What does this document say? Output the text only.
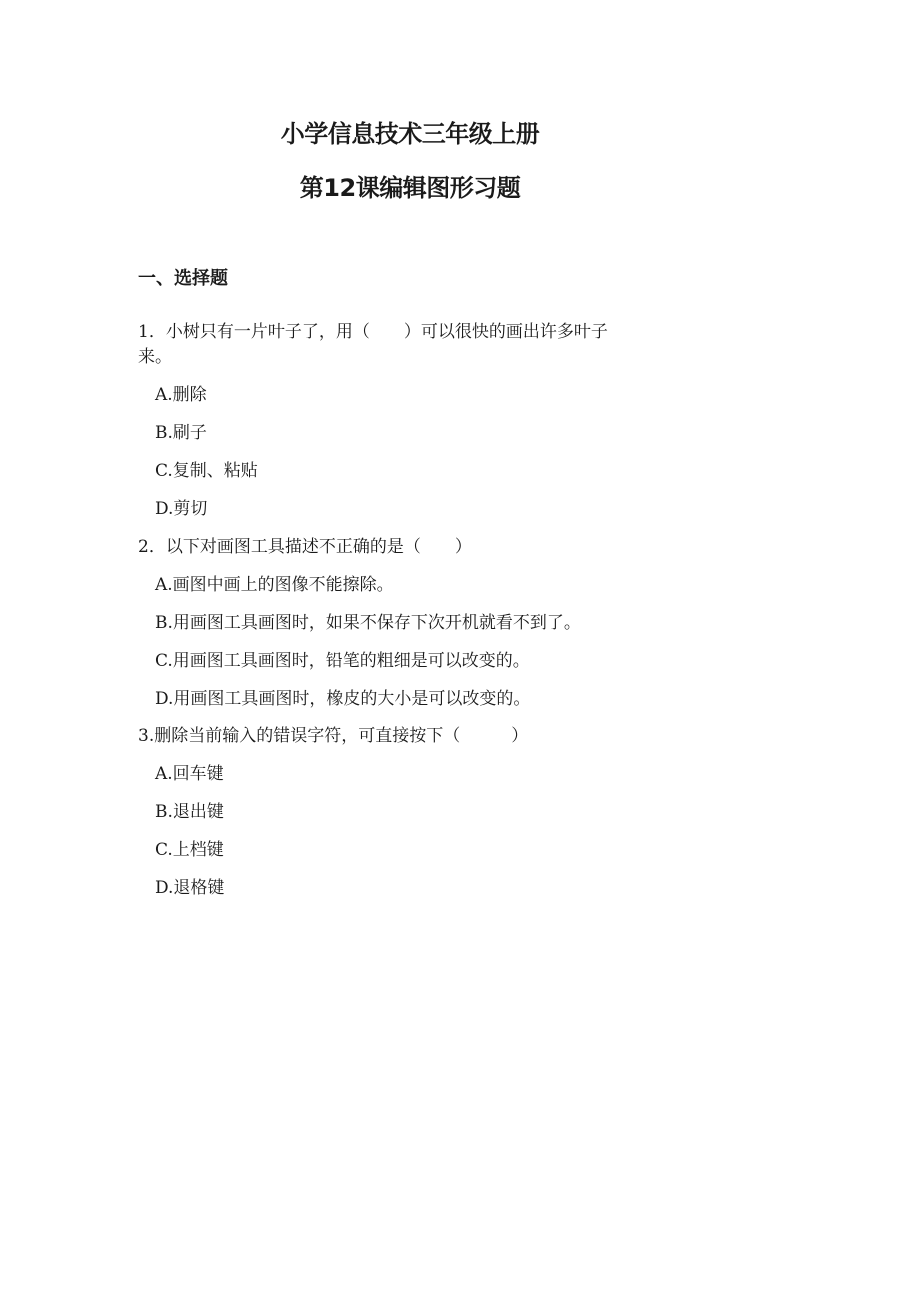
小学信息技术三年级上册
第12课编辑图形习题
一、选择题
1．小树只有一片叶子了，用（　　）可以很快的画出许多叶子
来。
A.删除
B.刷子
C.复制、粘贴
D.剪切
2．以下对画图工具描述不正确的是（　　）
A.画图中画上的图像不能擦除。
B.用画图工具画图时，如果不保存下次开机就看不到了。
C.用画图工具画图时，铅笔的粗细是可以改变的。
D.用画图工具画图时，橡皮的大小是可以改变的。
3.删除当前输入的错误字符，可直接按下（　　　）
A.回车键
B.退出键
C.上档键
D.退格键
